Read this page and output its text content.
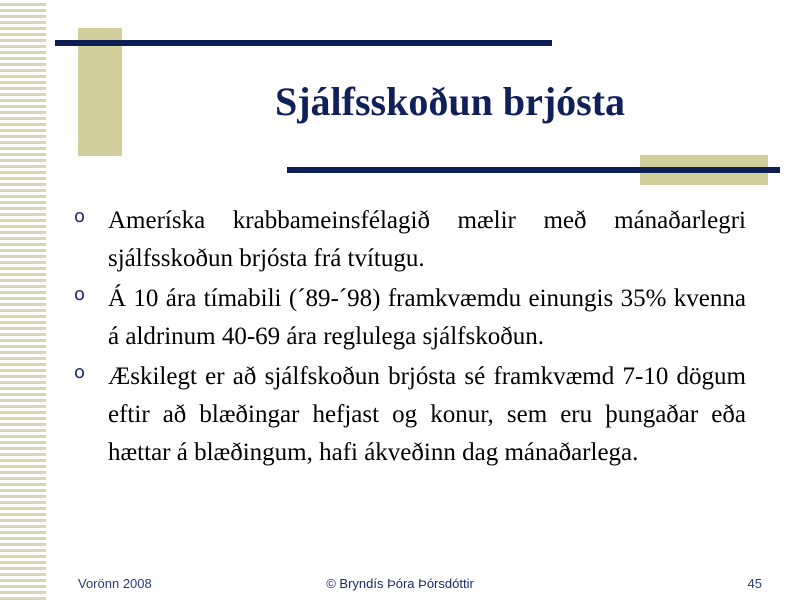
Sjálfsskoðun brjósta
o Ameríska krabbameinsfélagið mælir með mánaðarlegri sjálfsskoðun brjósta frá tvítugu.
o Á 10 ára tímabili (´89-´98) framkvæmdu einungis 35% kvenna á aldrinum 40-69 ára reglulega sjálfskoðun.
o Æskilegt er að sjálfskoðun brjósta sé framkvæmd 7-10 dögum eftir að blæðingar hefjast og konur, sem eru þungaðar eða hættar á blæðingum, hafi ákveðinn dag mánaðarlega.
Vorönn 2008	© Bryndís Þóra Þórsdóttir	45
